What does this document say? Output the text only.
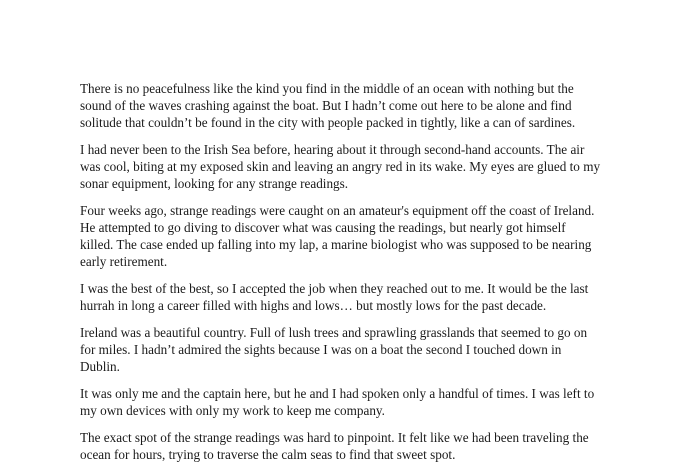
There is no peacefulness like the kind you find in the middle of an ocean with nothing but the sound of the waves crashing against the boat. But I hadn’t come out here to be alone and find solitude that couldn’t be found in the city with people packed in tightly, like a can of sardines.

I had never been to the Irish Sea before, hearing about it through second-hand accounts. The air was cool, biting at my exposed skin and leaving an angry red in its wake. My eyes are glued to my sonar equipment, looking for any strange readings.

Four weeks ago, strange readings were caught on an amateur's equipment off the coast of Ireland. He attempted to go diving to discover what was causing the readings, but nearly got himself killed. The case ended up falling into my lap, a marine biologist who was supposed to be nearing early retirement.

I was the best of the best, so I accepted the job when they reached out to me. It would be the last hurrah in long a career filled with highs and lows… but mostly lows for the past decade.

Ireland was a beautiful country. Full of lush trees and sprawling grasslands that seemed to go on for miles. I hadn’t admired the sights because I was on a boat the second I touched down in Dublin.

It was only me and the captain here, but he and I had spoken only a handful of times. I was left to my own devices with only my work to keep me company.

The exact spot of the strange readings was hard to pinpoint. It felt like we had been traveling the ocean for hours, trying to traverse the calm seas to find that sweet spot.
